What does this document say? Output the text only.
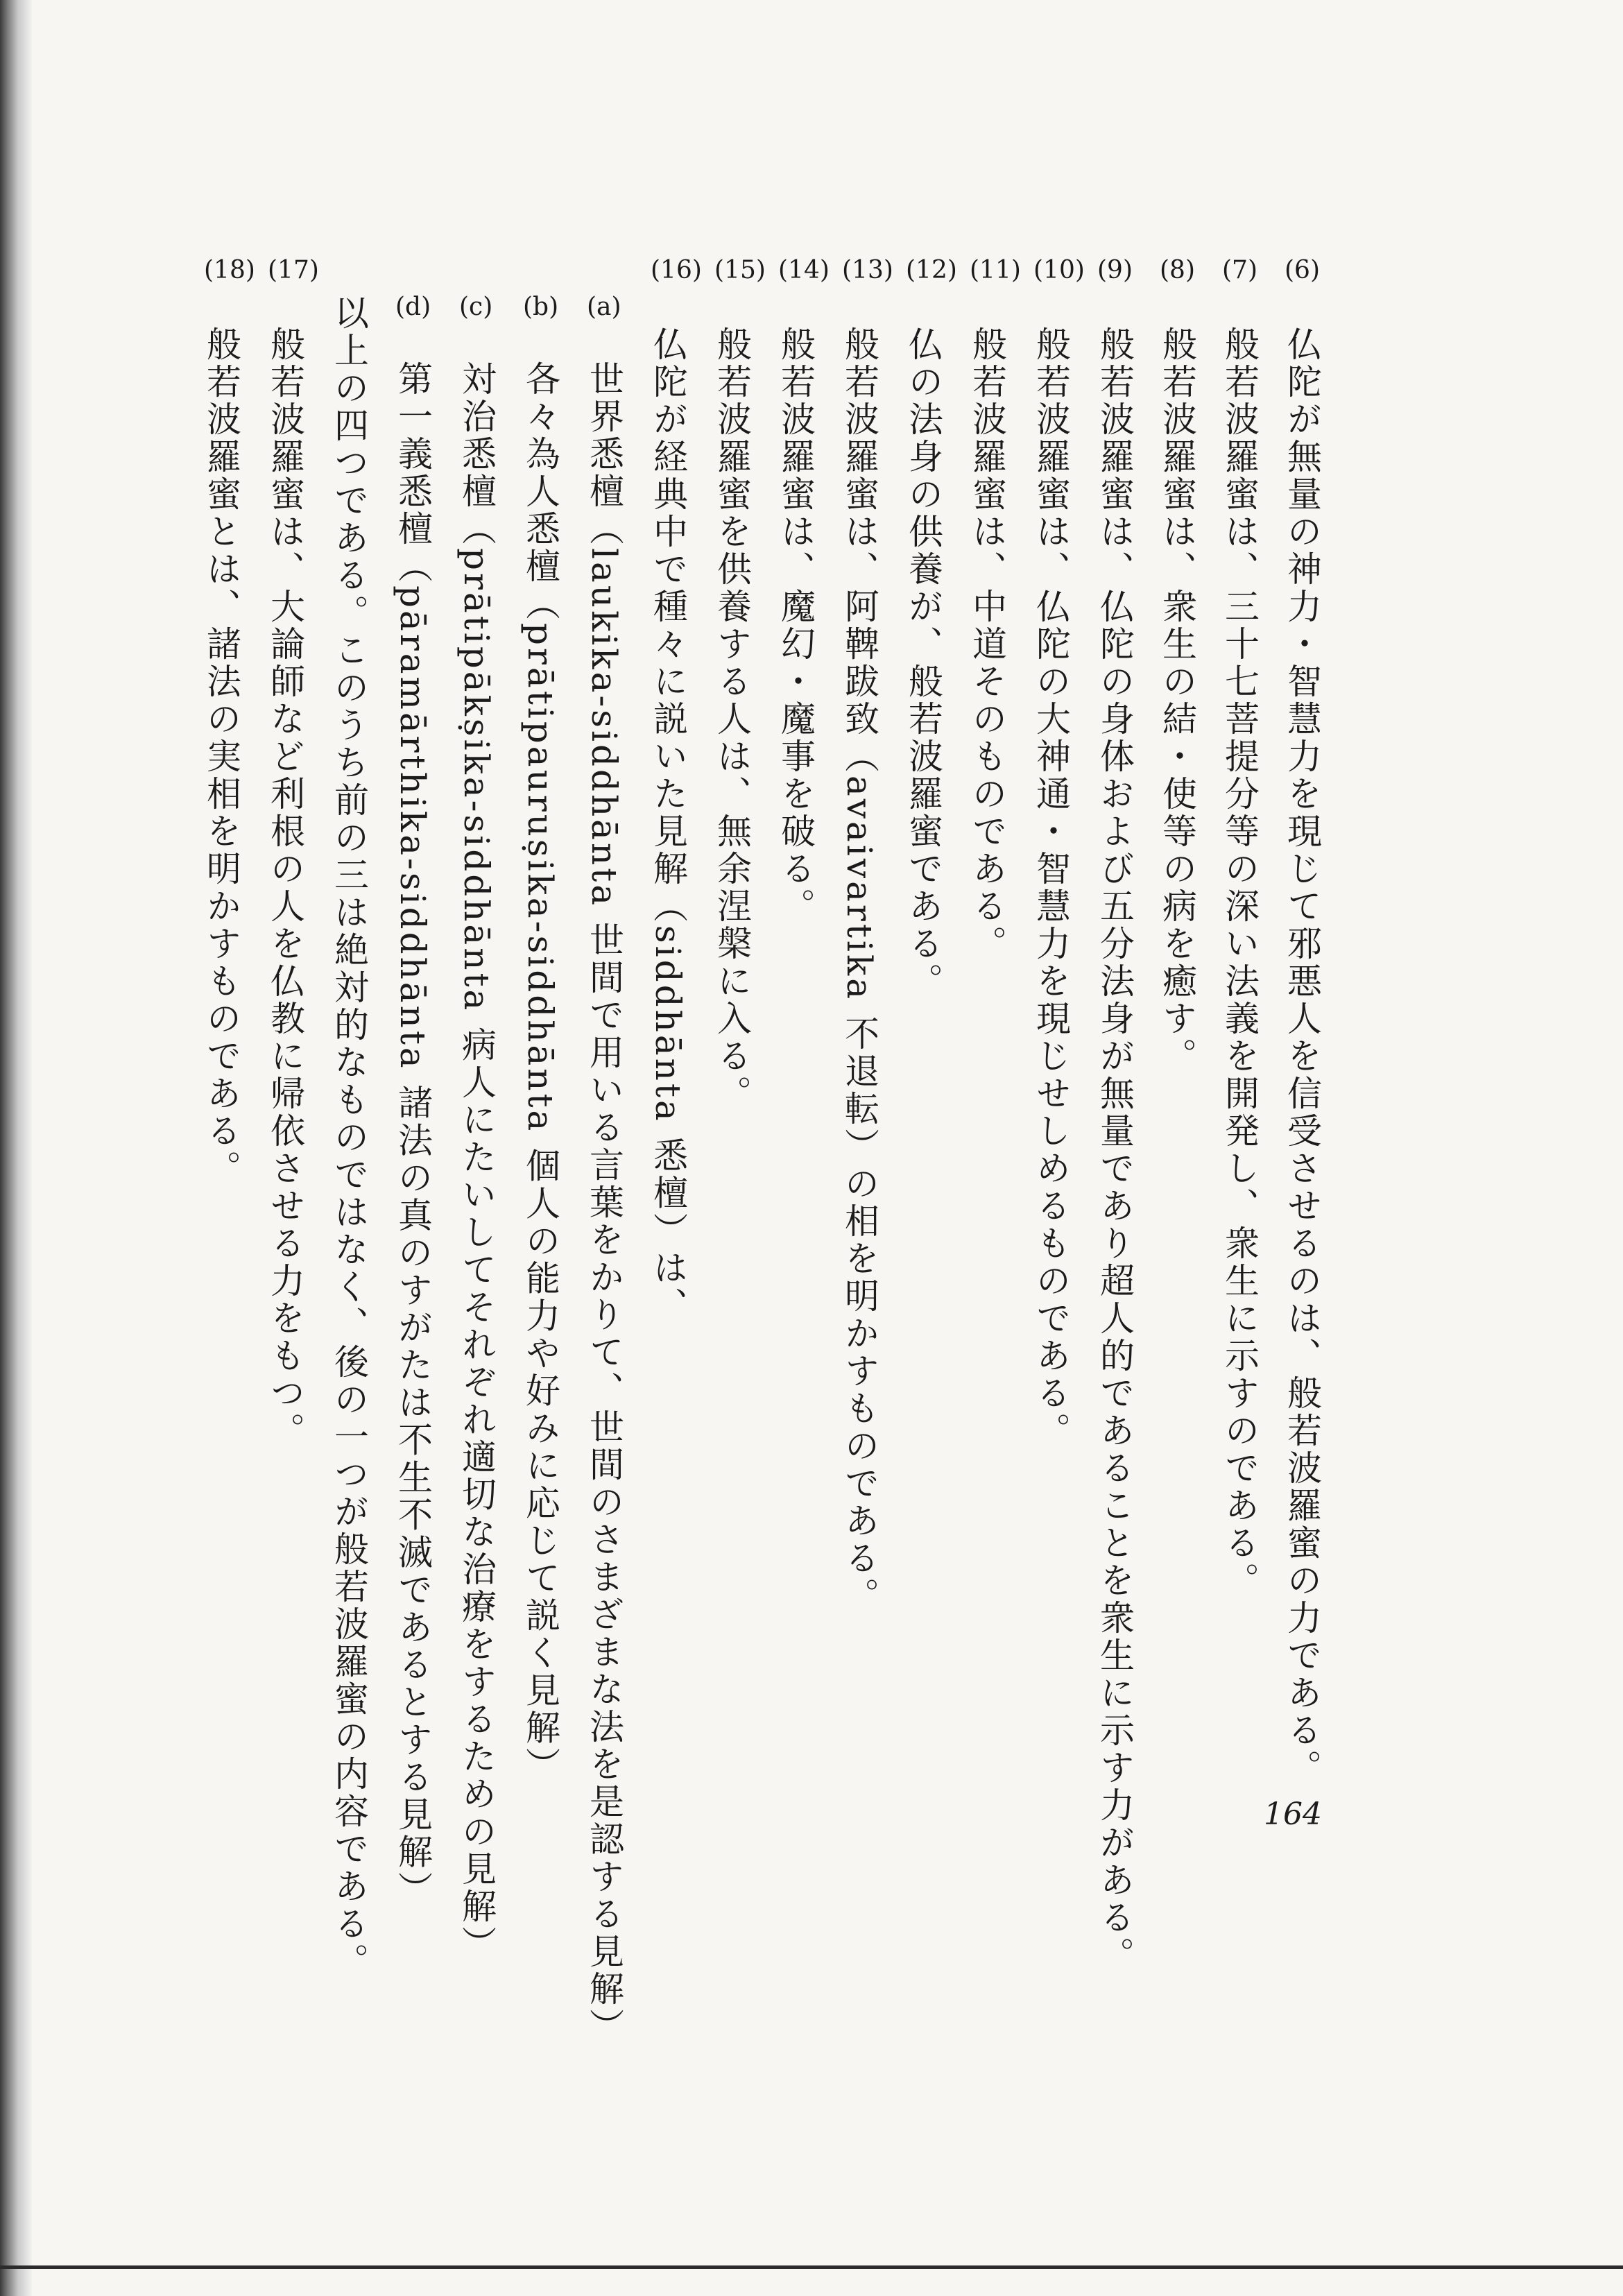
(6)
仏陀が無量の神力・智慧力を現じて邪悪人を信受させるのは、般若波羅蜜の力である。
(7)
般若波羅蜜は、三十七菩提分等の深い法義を開発し、衆生に示すのである。
(8)
般若波羅蜜は、衆生の結・使等の病を癒す。
(9)
般若波羅蜜は、仏陀の身体および五分法身が無量であり超人的であることを衆生に示す力がある。
(10)
般若波羅蜜は、仏陀の大神通・智慧力を現じせしめるものである。
(11)
般若波羅蜜は、中道そのものである。
(12)
仏の法身の供養が、般若波羅蜜である。
(13)
般若波羅蜜は、阿鞞跋致（avaivartika 不退転）の相を明かすものである。
(14)
般若波羅蜜は、魔幻・魔事を破る。
(15)
般若波羅蜜を供養する人は、無余涅槃に入る。
(16)
仏陀が経典中で種々に説いた見解（siddhānta 悉檀）は、
(a)
世界悉檀（laukika-siddhānta 世間で用いる言葉をかりて、世間のさまざまな法を是認する見解）
(b)
各々為人悉檀（prātipauruṣika-siddhānta 個人の能力や好みに応じて説く見解）
(c)
対治悉檀（prātipākṣika-siddhānta 病人にたいしてそれぞれ適切な治療をするための見解）
(d)
第一義悉檀（pāramārthika-siddhānta 諸法の真のすがたは不生不滅であるとする見解）
以上の四つである。このうち前の三は絶対的なものではなく、後の一つが般若波羅蜜の内容である。
(17)
般若波羅蜜は、大論師など利根の人を仏教に帰依させる力をもつ。
(18)
般若波羅蜜とは、諸法の実相を明かすものである。
164
